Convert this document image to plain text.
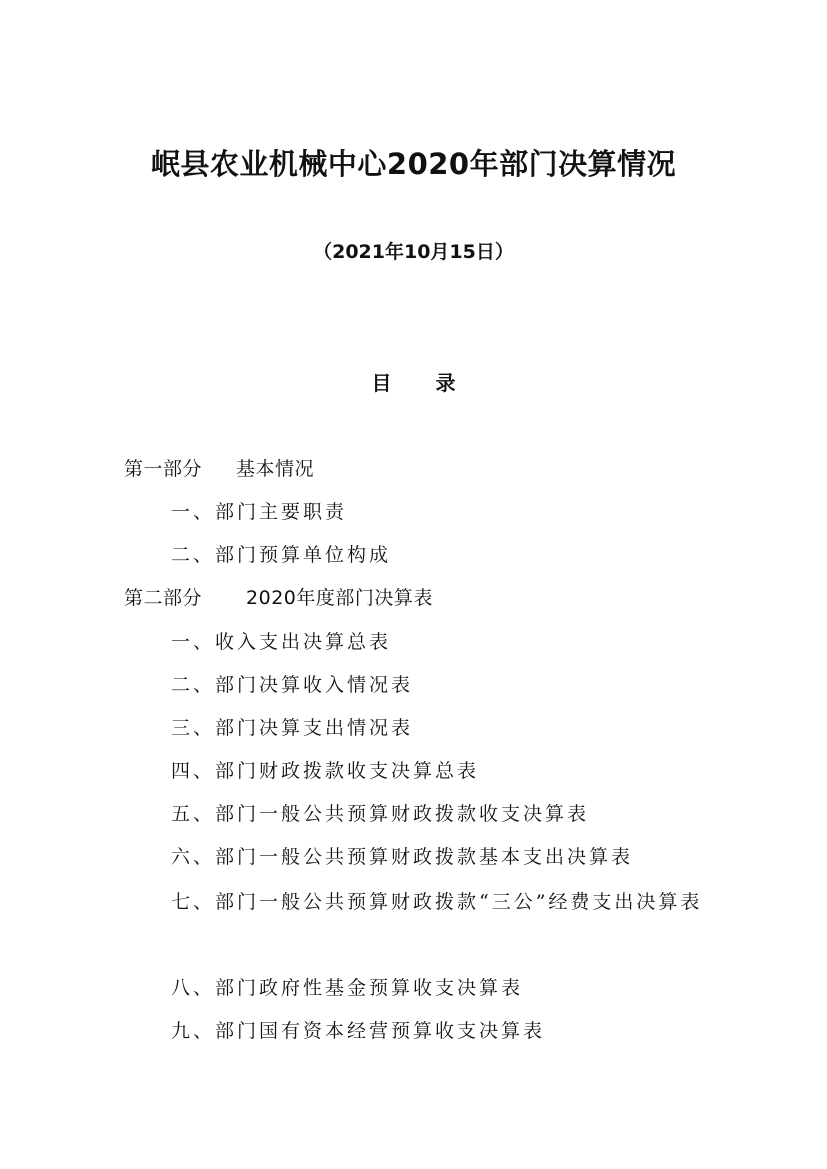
岷县农业机械中心2020年部门决算情况
（2021年10月15日）
目 录
第一部分 基本情况
一、部门主要职责
二、部门预算单位构成
第二部分 2020年度部门决算表
一、收入支出决算总表
二、部门决算收入情况表
三、部门决算支出情况表
四、部门财政拨款收支决算总表
五、部门一般公共预算财政拨款收支决算表
六、部门一般公共预算财政拨款基本支出决算表
七、部门一般公共预算财政拨款“三公”经费支出决算表
八、部门政府性基金预算收支决算表
九、部门国有资本经营预算收支决算表
